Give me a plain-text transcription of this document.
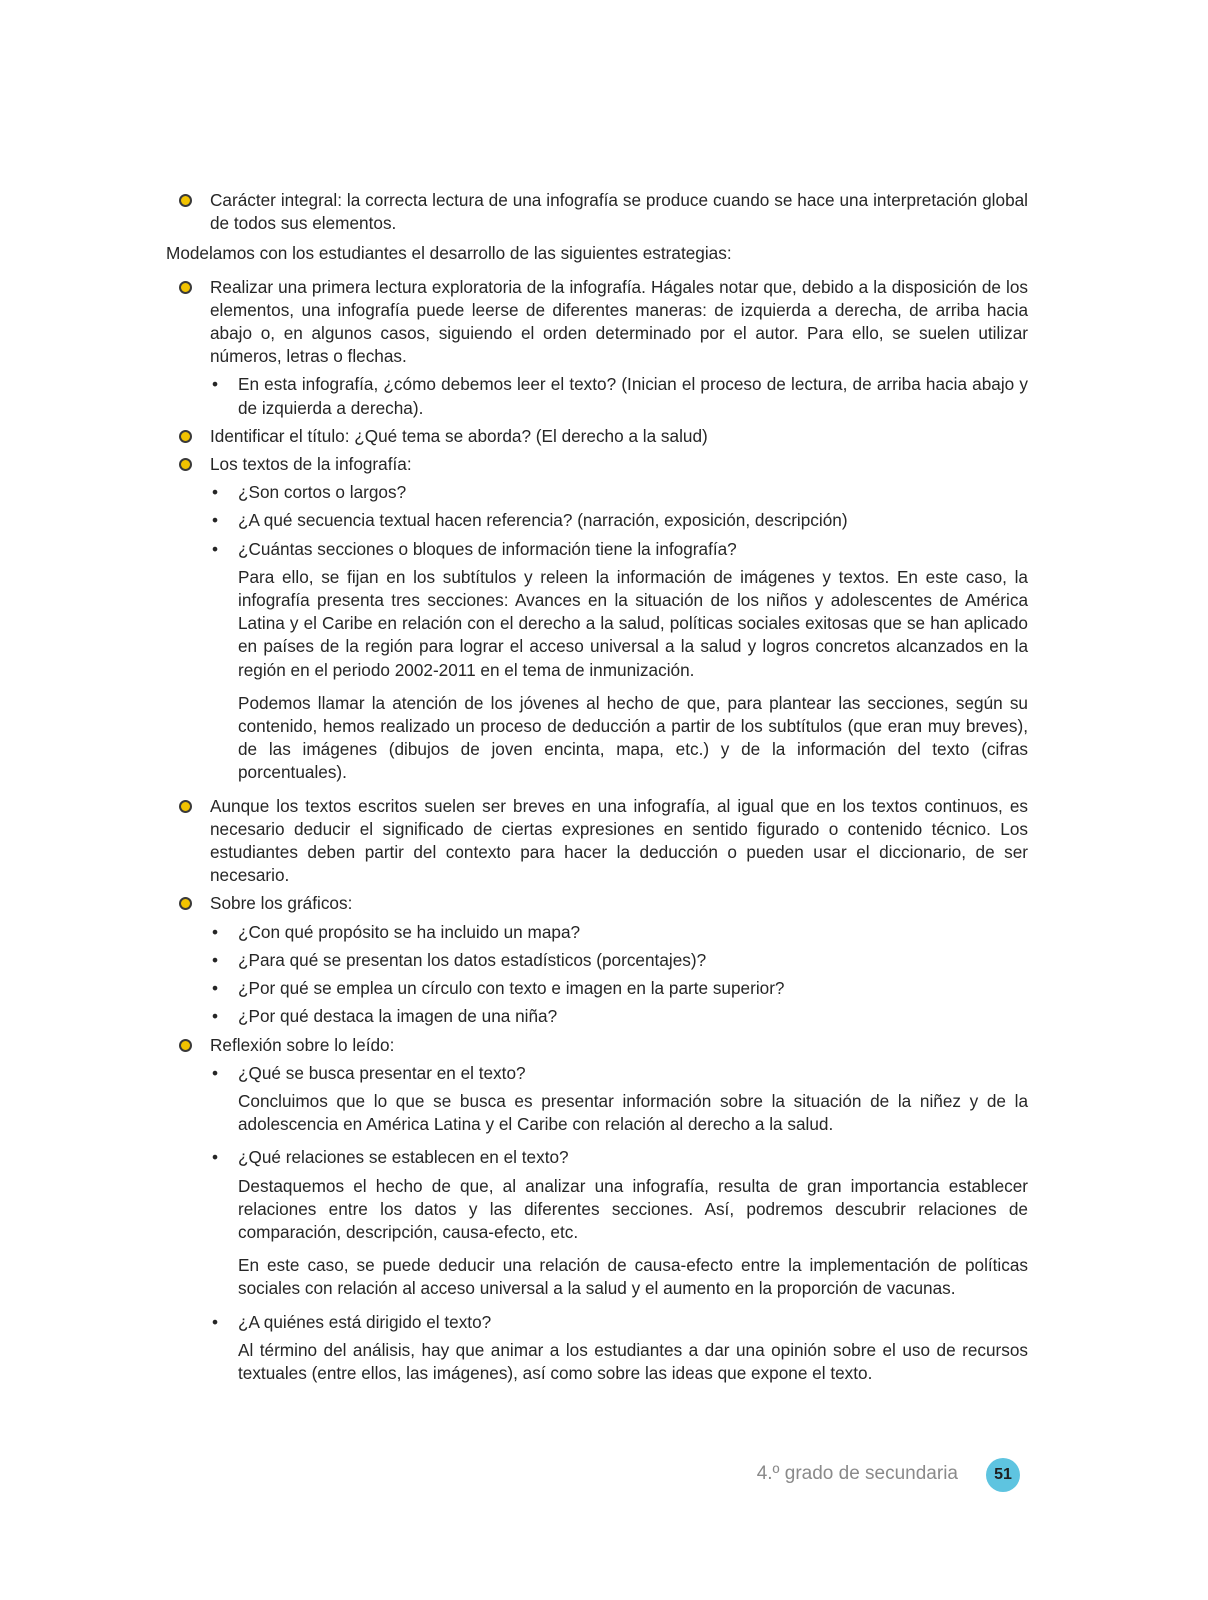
Carácter integral: la correcta lectura de una infografía se produce cuando se hace una interpretación global de todos sus elementos.
Modelamos con los estudiantes el desarrollo de las siguientes estrategias:
Realizar una primera lectura exploratoria de la infografía. Hágales notar que, debido a la disposición de los elementos, una infografía puede leerse de diferentes maneras: de izquierda a derecha, de arriba hacia abajo o, en algunos casos, siguiendo el orden determinado por el autor. Para ello, se suelen utilizar números, letras o flechas.
• En esta infografía, ¿cómo debemos leer el texto? (Inician el proceso de lectura, de arriba hacia abajo y de izquierda a derecha).
Identificar el título: ¿Qué tema se aborda? (El derecho a la salud)
Los textos de la infografía:
• ¿Son cortos o largos?
• ¿A qué secuencia textual hacen referencia? (narración, exposición, descripción)
• ¿Cuántas secciones o bloques de información tiene la infografía?
Para ello, se fijan en los subtítulos y releen la información de imágenes y textos. En este caso, la infografía presenta tres secciones: Avances en la situación de los niños y adolescentes de América Latina y el Caribe en relación con el derecho a la salud, políticas sociales exitosas que se han aplicado en países de la región para lograr el acceso universal a la salud y logros concretos alcanzados en la región en el periodo 2002-2011 en el tema de inmunización.
Podemos llamar la atención de los jóvenes al hecho de que, para plantear las secciones, según su contenido, hemos realizado un proceso de deducción a partir de los subtítulos (que eran muy breves), de las imágenes (dibujos de joven encinta, mapa, etc.) y de la información del texto (cifras porcentuales).
Aunque los textos escritos suelen ser breves en una infografía, al igual que en los textos continuos, es necesario deducir el significado de ciertas expresiones en sentido figurado o contenido técnico. Los estudiantes deben partir del contexto para hacer la deducción o pueden usar el diccionario, de ser necesario.
Sobre los gráficos:
• ¿Con qué propósito se ha incluido un mapa?
• ¿Para qué se presentan los datos estadísticos (porcentajes)?
• ¿Por qué se emplea un círculo con texto e imagen en la parte superior?
• ¿Por qué destaca la imagen de una niña?
Reflexión sobre lo leído:
• ¿Qué se busca presentar en el texto?
Concluimos que lo que se busca es presentar información sobre la situación de la niñez y de la adolescencia en América Latina y el Caribe con relación al derecho a la salud.
• ¿Qué relaciones se establecen en el texto?
Destaquemos el hecho de que, al analizar una infografía, resulta de gran importancia establecer relaciones entre los datos y las diferentes secciones. Así, podremos descubrir relaciones de comparación, descripción, causa-efecto, etc.
En este caso, se puede deducir una relación de causa-efecto entre la implementación de políticas sociales con relación al acceso universal a la salud y el aumento en la proporción de vacunas.
• ¿A quiénes está dirigido el texto?
Al término del análisis, hay que animar a los estudiantes a dar una opinión sobre el uso de recursos textuales (entre ellos, las imágenes), así como sobre las ideas que expone el texto.
4.º grado de secundaria	51
